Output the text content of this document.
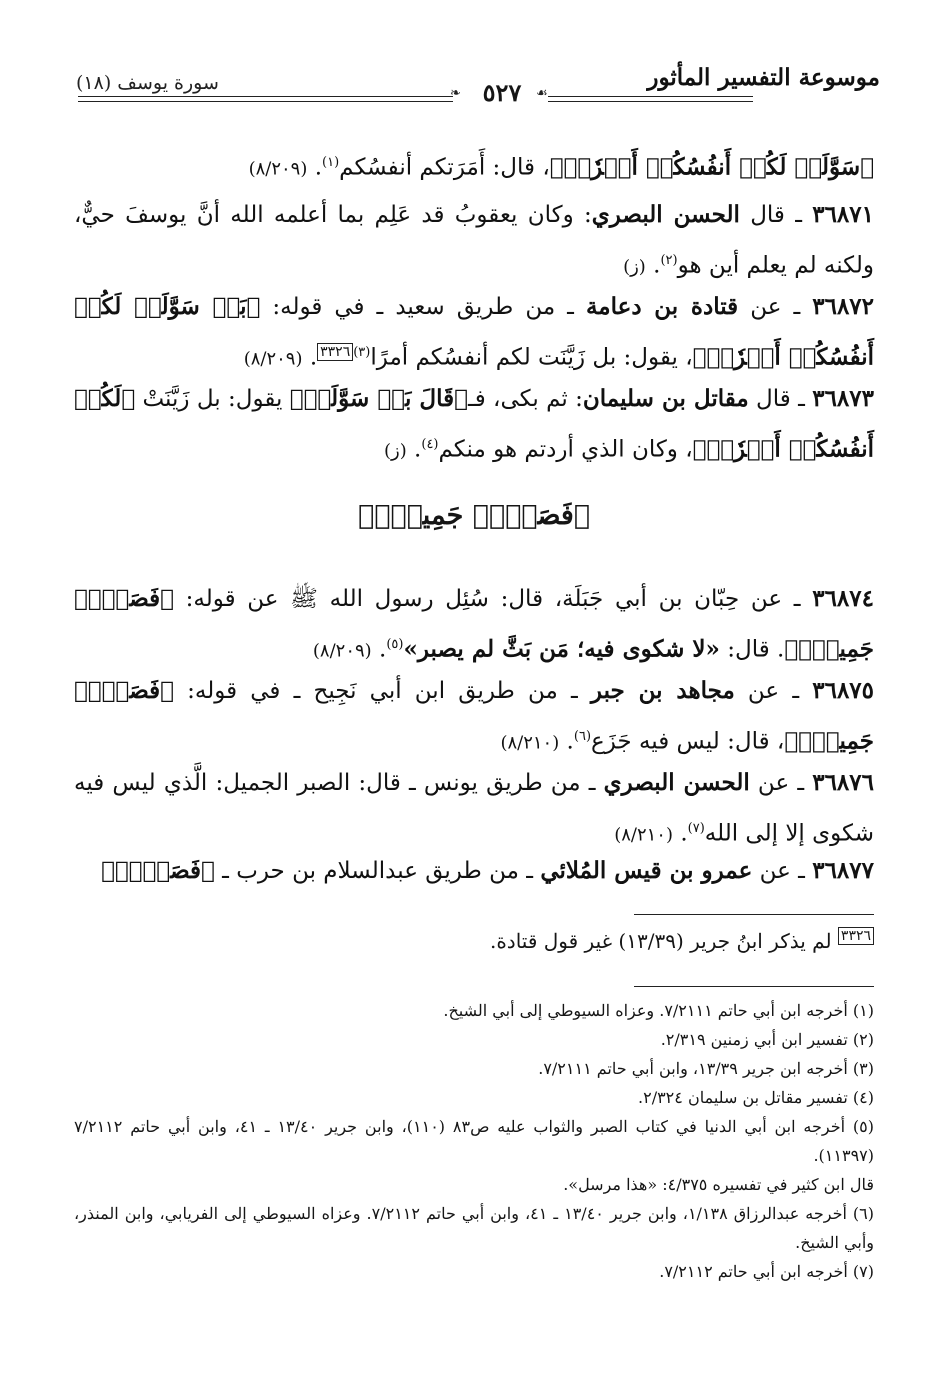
سورة يوسف (١٨)	موسوعة التفسير المأثور
❧	☙
٥٢٧
﴿سَوَّلَتۡ لَكُمۡ أَنفُسُكُمۡ أَمۡرٗاۖ﴾، قال: أَمَرَتكم أنفسُكم$^{(١)}$. (٨/٢٠٩)
٣٦٨٧١ ـ قال الحسن البصري: وكان يعقوبُ قد عَلِم بما أعلمه الله أنَّ يوسفَ حيٌّ، ولكنه لم يعلم أين هو$^{(٢)}$. (ز)
٣٦٨٧٢ ـ عن قتادة بن دعامة ـ من طريق سعيد ـ في قوله: ﴿بَلۡ سَوَّلَتۡ لَكُمۡ أَنفُسُكُمۡ أَمۡرٗاۖ﴾، يقول: بل زَيَّنَت لكم أنفسُكم أمرًا$^{(٣)}$٣٣٢٦. (٨/٢٠٩)
٣٦٨٧٣ ـ قال مقاتل بن سليمان: ثم بكى، فـ﴿قَالَ بَلۡ سَوَّلَتۡ﴾ يقول: بل زَيَّنَتْ ﴿لَكُمۡ أَنفُسُكُمۡ أَمۡرٗاۖ﴾، وكان الذي أردتم هو منكم$^{(٤)}$. (ز)
﴿فَصَبۡرٞ جَمِيلٞۖ﴾
٣٦٨٧٤ ـ عن حِبّان بن أبي جَبَلَة، قال: سُئِل رسول الله ﷺ عن قوله: ﴿فَصَبۡرٞ جَمِيلٞۖ﴾. قال: «لا شكوى فيه؛ مَن بَثَّ لم يصبر»$^{(٥)}$. (٨/٢٠٩)
٣٦٨٧٥ ـ عن مجاهد بن جبر ـ من طريق ابن أبي نَجِيح ـ في قوله: ﴿فَصَبۡرٞ جَمِيلٞۖ﴾، قال: ليس فيه جَزَع$^{(٦)}$. (٨/٢١٠)
٣٦٨٧٦ ـ عن الحسن البصري ـ من طريق يونس ـ قال: الصبر الجميل: الَّذي ليس فيه شكوى إلا إلى الله$^{(٧)}$. (٨/٢١٠)
٣٦٨٧٧ ـ عن عمرو بن قيس المُلائي ـ من طريق عبدالسلام بن حرب ـ ﴿فَصَبۡرٞ﴾
٣٣٢٦ لم يذكر ابنُ جرير (١٣/٣٩) غير قول قتادة.
(١) أخرجه ابن أبي حاتم ٧/٢١١١. وعزاه السيوطي إلى أبي الشيخ.
(٢) تفسير ابن أبي زمنين ٢/٣١٩.
(٣) أخرجه ابن جرير ١٣/٣٩، وابن أبي حاتم ٧/٢١١١.
(٤) تفسير مقاتل بن سليمان ٢/٣٢٤.
(٥) أخرجه ابن أبي الدنيا في كتاب الصبر والثواب عليه ص٨٣ (١١٠)، وابن جرير ١٣/٤٠ ـ ٤١، وابن أبي حاتم ٧/٢١١٢ (١١٣٩٧).
قال ابن كثير في تفسيره ٤/٣٧٥: «هذا مرسل».
(٦) أخرجه عبدالرزاق ١/١٣٨، وابن جرير ١٣/٤٠ ـ ٤١، وابن أبي حاتم ٧/٢١١٢. وعزاه السيوطي إلى الفريابي، وابن المنذر، وأبي الشيخ.
(٧) أخرجه ابن أبي حاتم ٧/٢١١٢.
